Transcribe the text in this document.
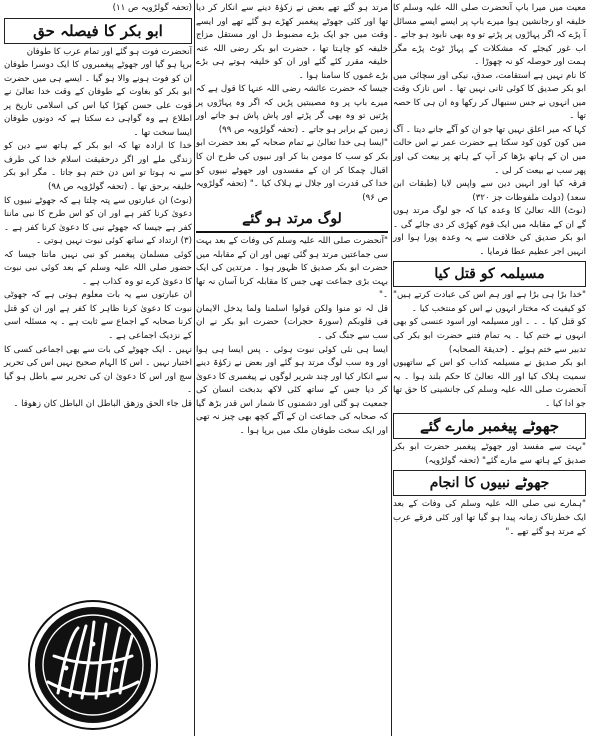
معیت میں میرا باپ آنحضرت صلی اللہ علیہ وسلم کا خلیفہ او رجانشین ہوا میرے باپ پر ایسے ایسے مسائل آ پڑے کہ اگر پہاڑوں پر پڑتے تو وہ بھی نابود ہو جاتے ۔ اب غور کیجئے کہ مشکلات کے پہاڑ ٹوٹ پڑے مگر ہمت اور حوصلہ کو نہ چھوڑا ۔

کا نام نہیں ہے استقامت، صدق، نیکی اور سچائی میں ابو بکر صدیق کا کوئی ثانی نہیں تھا ۔ اس نازک وقت میں انہوں نے جس سنبھال کر رکھا وہ ان ہی کا حصہ تھا ۔

کہا کہ میر اعلق نہیں تھا جو ان کو آگے جانے دیتا ۔ آگ میں کون کون کود سکتا ہے حضرت عمر نے اس حالت میں ان کے ہاتھ بڑھا کر آپ کے ہاتھ پر بیعت کی اور پھر سب نے بیعت کر لی ۔

فرقہ کیا اور انہیں دین سے واپس لایا (طبقات ابن سعد) (دولت ملفوظات جز ۳۲۰)

(نوٹ) اللہ تعالیٰ کا وعدہ کیا کہ جو لوگ مرتد ہوں گے ان کے مقابلہ میں ایک قوم کھڑی کر دی جائے گی ۔ ابو بکر صدیق کی خلافت سے یہ وعدہ پورا ہوا اور انہیں اجر عظیم عطا فرمایا ۔

مسیلمہ کو قتل کیا

"خدا بڑا ہی بڑا ہے اور ہم اس کی عبادت کرتے ہیں" کو کیفیت کہ مختار انہوں نے اس کو منتخب کیا ۔

کو قتل کیا ۔ ۔ ۔ اور مسیلمہ اور اسود عنسی کو بھی انہوں نے ختم کیا ۔ یہ تمام فتنے حضرت ابو بکر کی تدبیر سے ختم ہوئے ۔ (حدیقۃ الصحابہ)

ابو بکر صدیق نے مسیلمہ کذاب کو اس کے ساتھیوں سمیت ہلاک کیا اور اللہ تعالیٰ کا حکم بلند ہوا ۔ یہ آنحضرت صلی اللہ علیہ وسلم کی جانشینی کا حق تھا جو ادا کیا ۔

جھوٹے پیغمبر مارے گئے

"بہت سے مفسد اور جھوٹے پیغمبر حضرت ابو بکر صدیق کے ہاتھ سے مارے گئے" (تحفہ گولڑویہ)

جھوٹے نبیوں کا انجام

"ہمارے نبی صلی اللہ علیہ وسلم کی وفات کے بعد ایک خطرناک زمانہ پیدا ہو گیا تھا اور کئی فرقے عرب کے مرتد ہو گئے تھے ۔"

مرتد ہو گئے تھے بعض نے زکوٰۃ دینے سے انکار کر دیا تھا اور کئی جھوٹے پیغمبر کھڑے ہو گئے تھے اور ایسے وقت میں جو ایک بڑے مضبوط دل اور مستقل مزاج خلیفہ کو چاہتا تھا ، حضرت ابو بکر رضی اللہ عنہ خلیفہ مقرر کئے گئے اور ان کو خلیفہ ہوتے ہی بڑے بڑے غموں کا سامنا ہوا ۔

جیسا کہ حضرت عائشہ رضی اللہ عنہا کا قول ہے کہ میرے باپ پر وہ مصیبتیں پڑیں کہ اگر وہ پہاڑوں پر پڑتیں تو وہ بھی گر پڑتے اور پاش پاش ہو جاتے اور زمین کے برابر ہو جاتے ۔ (تحفہ گولڑویہ ص ۹۹)

"ایسا ہی خدا تعالیٰ نے تمام صحابہ کے بعد حضرت ابو بکر کو سب کا مومن بنا کر اور نبیوں کی طرح ان کا اقبال چمکا کر ان کے مفسدوں اور جھوٹے نبیوں کو خدا کی قدرت اور جلال نے ہلاک کیا ۔" (تحفہ گولڑویہ ص ۹۶)

لوگ مرتد ہو گئے

"آنحضرت صلی اللہ علیہ وسلم کی وفات کے بعد بہت سی جماعتیں مرتد ہو گئی تھیں اور ان کے مقابلہ میں حضرت ابو بکر صدیق کا ظہور ہوا ۔ مرتدین کی ایک بہت بڑی جماعت تھی جس کا مقابلہ کرنا آسان نہ تھا ۔"

قل لہ تو منوا ولکن قولوا اسلمنا ولما یدخل الایمان فی قلوبکم (سورۃ حجرات) حضرت ابو بکر نے ان سب سے جنگ کی ۔

ایسا ہی نئی کوئی نبوت ہوئی ۔ پس ایسا ہی ہوا اور وہ سب لوگ مرتد ہو گئے اور بعض نے زکوٰۃ دینے سے انکار کیا اور چند شریر لوگوں نے پیغمبری کا دعویٰ کر دیا جس کے ساتھ کئی لاکھ بدبخت انسان کی جمعیت ہو گئی اور دشمنوں کا شمار اس قدر بڑھ گیا کہ صحابہ کی جماعت ان کے آگے کچھ بھی چیز نہ تھی اور ایک سخت طوفان ملک میں برپا ہوا ۔

(تحفہ گولڑویہ ص ۱۱)

ابو بکر کا فیصلہ حق

آنحضرت فوت ہو گئے اور تمام عرب کا طوفان

برپا ہو گیا اور جھوٹے پیغمبروں کا ایک دوسرا طوفان ان کو فوت ہونے والا ہو گیا ۔ ایسے ہی میں حضرت ابو بکر کو بغاوت کے طوفان کے وقت خدا تعالیٰ نے قوت علی حسن کھڑا کیا اس کی اسلامی تاریخ پر اطلاع ہے وہ گواہی دے سکتا ہے کہ دونوں طوفان ایسا سخت تھا ۔

خدا کا ارادہ تھا کہ ابو بکر کے ہاتھ سے دین کو زندگی ملے اور اگر درحقیقت اسلام خدا کی طرف سے نہ ہوتا تو اس دن ختم ہو جاتا ۔ مگر ابو بکر خلیفہ برحق تھا ۔ (تحفہ گولڑویہ ص ۹۸)

(نوٹ) ان عبارتوں سے پتہ چلتا ہے کہ جھوٹے نبیوں کا دعویٰ کرنا کفر ہے اور ان کو اس طرح کا نبی ماننا کفر ہے جیسا کہ جھوٹے نبی کا دعویٰ کرنا کفر ہے ۔ (۳) ارتداد کے ساتھ کوئی نبوت نہیں ہوتی ۔

کوئی مسلمان پیغمبر کو نبی نہیں مانتا جیسا کہ حضور صلی اللہ علیہ وسلم کے بعد کوئی نبی نبوت کا دعویٰ کرے تو وہ کذاب ہے ۔

ان عبارتوں سے یہ بات معلوم ہوتی ہے کہ جھوٹی نبوت کا دعویٰ کرنا ظاہر کا کفر ہے اور ان کو قتل کرنا صحابہ کے اجماع سے ثابت ہے ۔ یہ مسئلہ اسی کے نزدیک اجماعی ہے ۔

نہیں ۔ ایک جھوٹے کی بات سے بھی اجماعی کسی کا اختیار نہیں ۔ اس کا الہام صحیح نہیں اس کی تحریر سچ اور اس کا دعویٰ ان کی تحریر سے باطل ہو گیا ۔

قل جاء الحق وزهق الباطل ان الباطل کان زهوقا ۔
